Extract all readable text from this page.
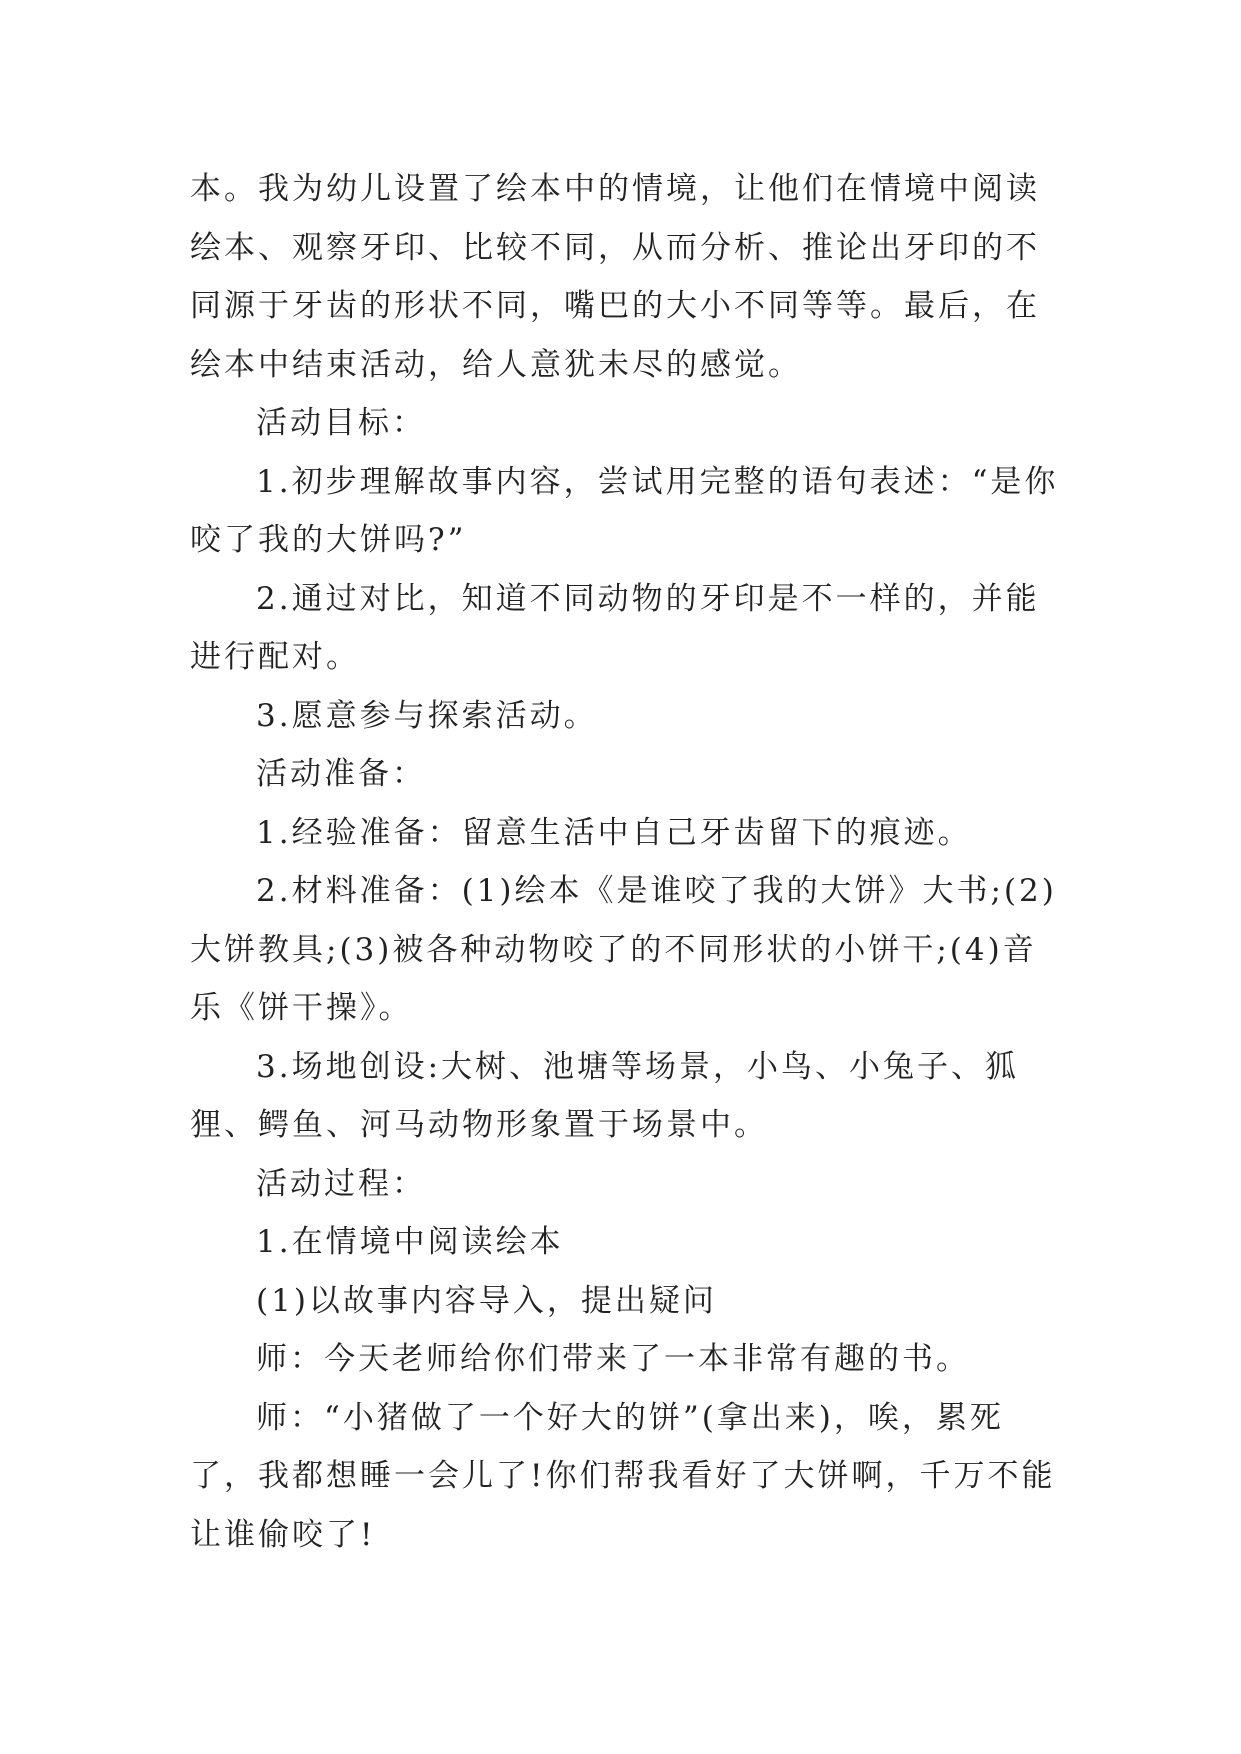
本。我为幼儿设置了绘本中的情境，让他们在情境中阅读绘本、观察牙印、比较不同，从而分析、推论出牙印的不同源于牙齿的形状不同，嘴巴的大小不同等等。最后，在绘本中结束活动，给人意犹未尽的感觉。

活动目标：

1.初步理解故事内容，尝试用完整的语句表述：“是你咬了我的大饼吗?”

2.通过对比，知道不同动物的牙印是不一样的，并能进行配对。

3.愿意参与探索活动。

活动准备：

1.经验准备：留意生活中自己牙齿留下的痕迹。

2.材料准备：(1)绘本《是谁咬了我的大饼》大书;(2)大饼教具;(3)被各种动物咬了的不同形状的小饼干;(4)音乐《饼干操》。

3.场地创设:大树、池塘等场景，小鸟、小兔子、狐狸、鳄鱼、河马动物形象置于场景中。

活动过程：

1.在情境中阅读绘本

(1)以故事内容导入，提出疑问

师：今天老师给你们带来了一本非常有趣的书。

师：“小猪做了一个好大的饼”(拿出来)，唉，累死了，我都想睡一会儿了!你们帮我看好了大饼啊，千万不能让谁偷咬了!
